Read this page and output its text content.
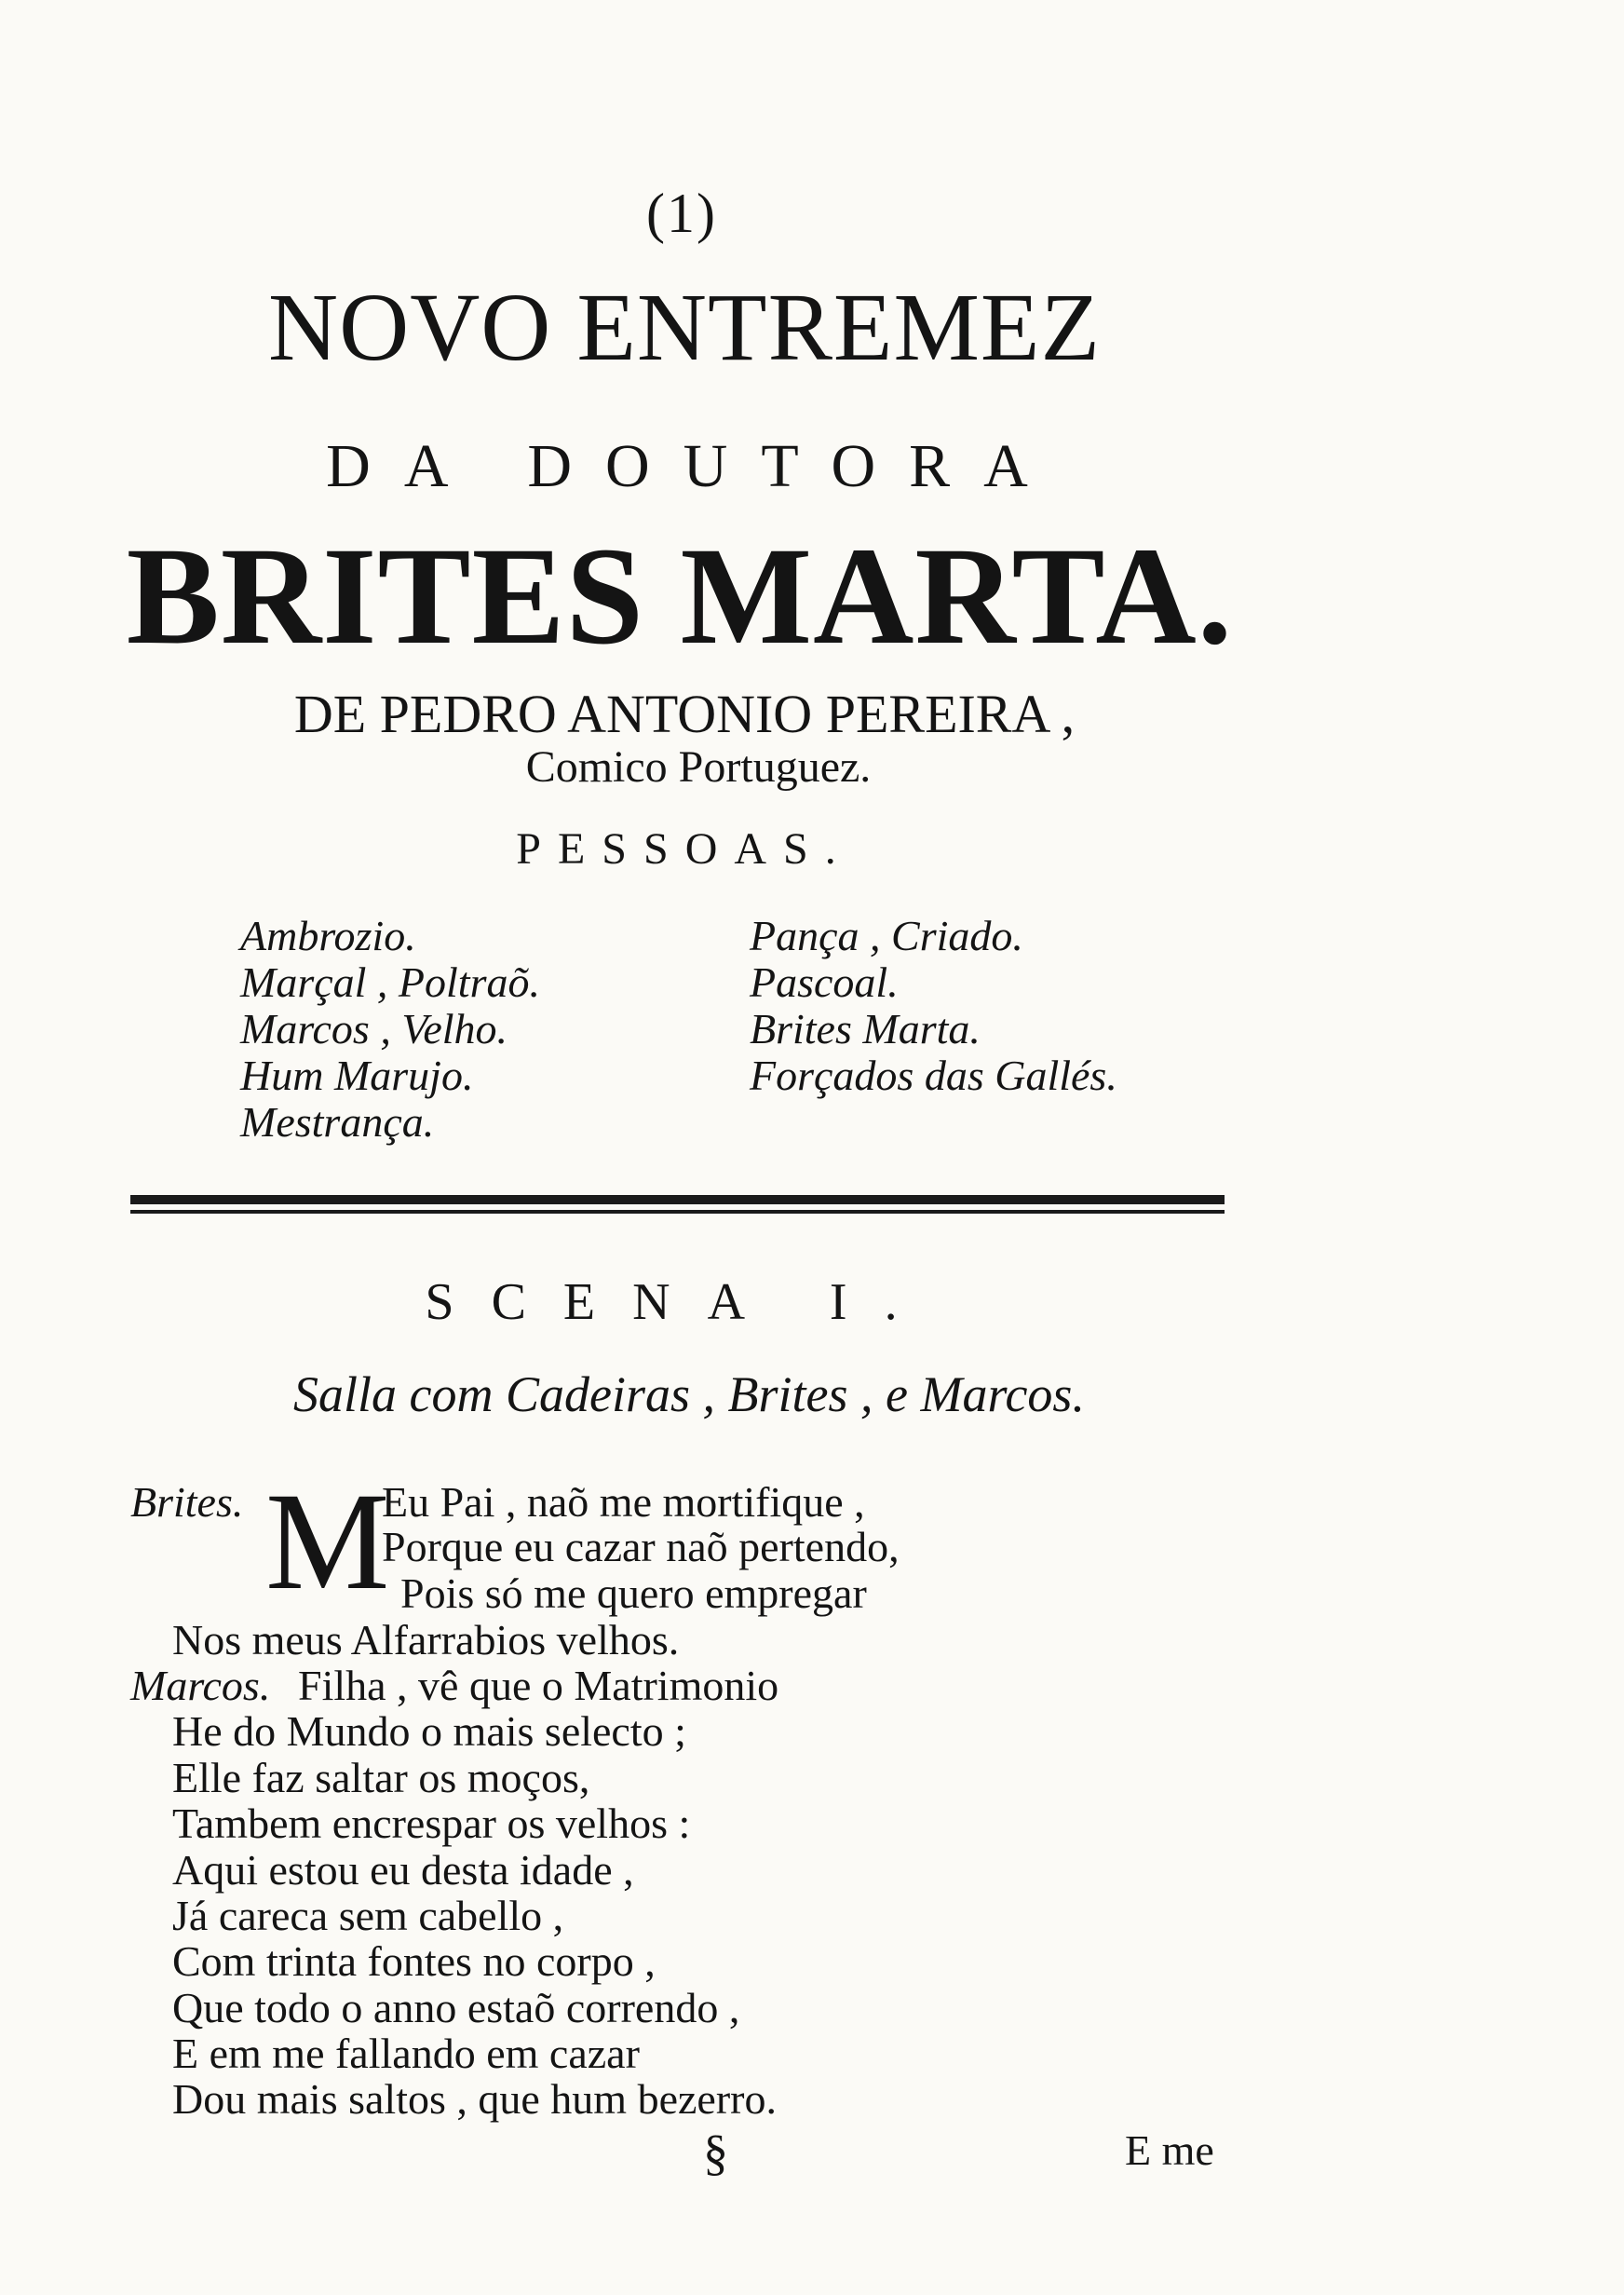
(1)
NOVO ENTREMEZ
DA DOUTORA
BRITES MARTA.
DE PEDRO ANTONIO PEREIRA ,
Comico Portuguez.
PESSOAS.
Ambrozio.
Marçal , Poltraõ.
Marcos , Velho.
Hum Marujo.
Mestrança.
Pança , Criado.
Pascoal.
Brites Marta.
Forçados das Gallés.
SCENA I.
Salla com Cadeiras , Brites , e Marcos.
Brites. M
Eu Pai , naõ me mortifique ,
Porque eu cazar naõ pertendo,
Pois só me quero empregar
Nos meus Alfarrabios velhos.
Marcos. Filha , vê que o Matrimonio
He do Mundo o mais selecto ;
Elle faz saltar os moços,
Tambem encrespar os velhos :
Aqui estou eu desta idade ,
Já careca sem cabello ,
Com trinta fontes no corpo ,
Que todo o anno estaõ correndo ,
E em me fallando em cazar
Dou mais saltos , que hum bezerro.
§	E me
